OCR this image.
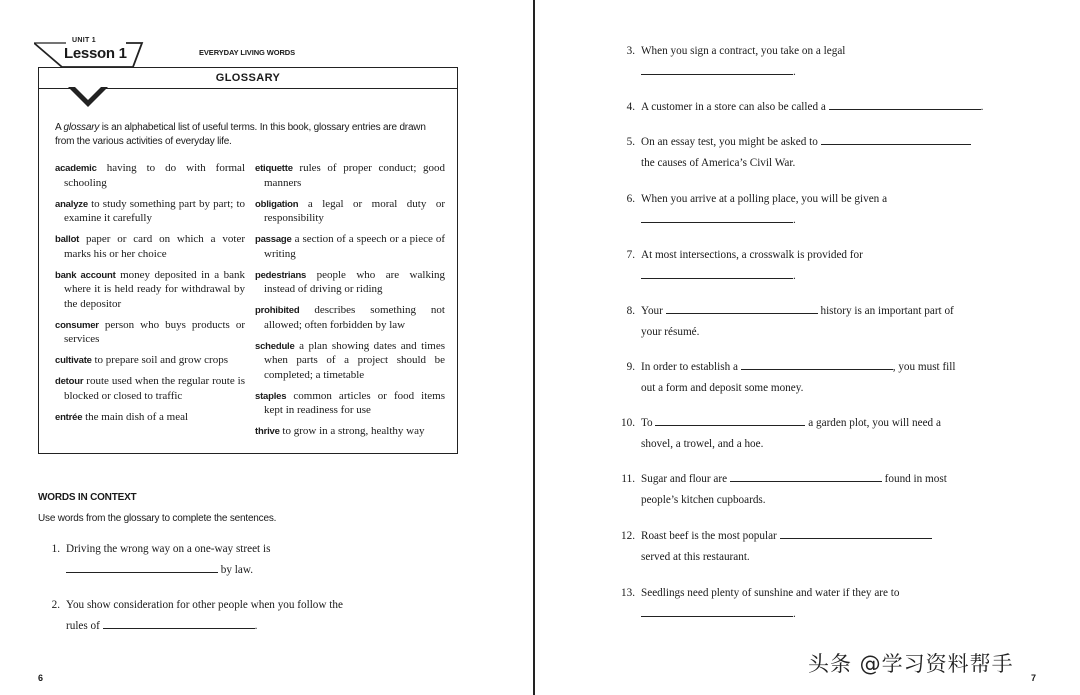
UNIT 1
Lesson 1	EVERYDAY LIVING WORDS
GLOSSARY
A glossary is an alphabetical list of useful terms. In this book, glossary entries are drawn from the various activities of everyday life.
academic having to do with formal schooling
analyze to study something part by part; to examine it carefully
ballot paper or card on which a voter marks his or her choice
bank account money deposited in a bank where it is held ready for withdrawal by the depositor
consumer person who buys products or services
cultivate to prepare soil and grow crops
detour route used when the regular route is blocked or closed to traffic
entrée the main dish of a meal
etiquette rules of proper conduct; good manners
obligation a legal or moral duty or responsibility
passage a section of a speech or a piece of writing
pedestrians people who are walking instead of driving or riding
prohibited describes something not allowed; often forbidden by law
schedule a plan showing dates and times when parts of a project should be completed; a timetable
staples common articles or food items kept in readiness for use
thrive to grow in a strong, healthy way
WORDS IN CONTEXT
Use words from the glossary to complete the sentences.
1. Driving the wrong way on a one-way street is
by law.
2. You show consideration for other people when you follow the
rules of	.
6
3. When you sign a contract, you take on a legal
.
4. A customer in a store can also be called a	.
5. On an essay test, you might be asked to
the causes of America’s Civil War.
6. When you arrive at a polling place, you will be given a
.
7. At most intersections, a crosswalk is provided for
.
8. Your	history is an important part of
your résumé.
9. In order to establish a	, you must fill
out a form and deposit some money.
10. To	a garden plot, you will need a
shovel, a trowel, and a hoe.
11. Sugar and flour are	found in most
people’s kitchen cupboards.
12. Roast beef is the most popular
served at this restaurant.
13. Seedlings need plenty of sunshine and water if they are to
.
7
头条 @学习资料帮手
